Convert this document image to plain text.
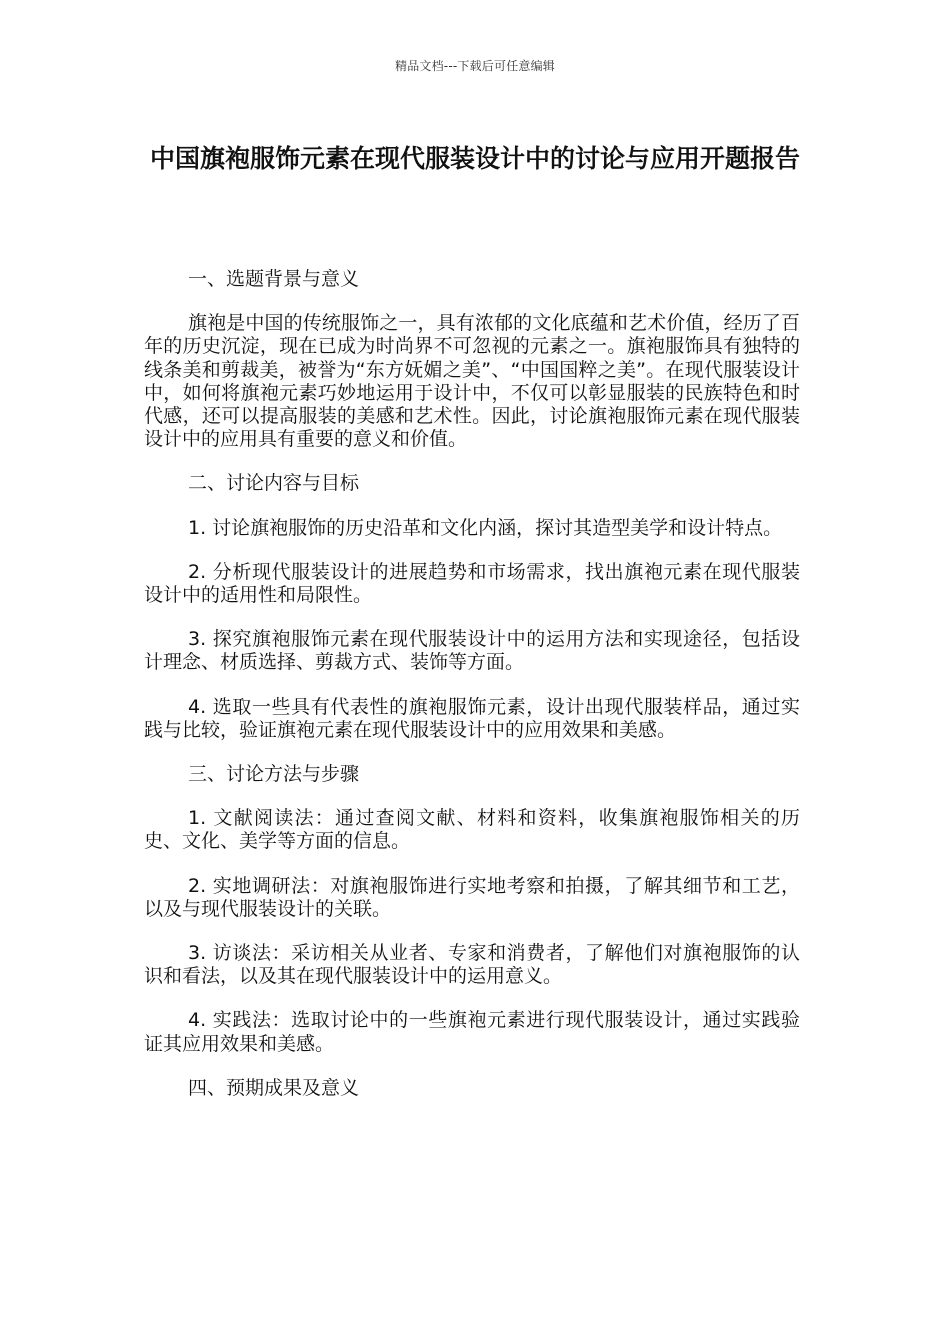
精品文档---下载后可任意编辑
中国旗袍服饰元素在现代服装设计中的讨论与应用开题报告
一、选题背景与意义

旗袍是中国的传统服饰之一，具有浓郁的文化底蕴和艺术价值，经历了百年的历史沉淀，现在已成为时尚界不可忽视的元素之一。旗袍服饰具有独特的线条美和剪裁美，被誉为“东方妩媚之美”、“中国国粹之美”。在现代服装设计中，如何将旗袍元素巧妙地运用于设计中，不仅可以彰显服装的民族特色和时代感，还可以提高服装的美感和艺术性。因此，讨论旗袍服饰元素在现代服装设计中的应用具有重要的意义和价值。

二、讨论内容与目标

1. 讨论旗袍服饰的历史沿革和文化内涵，探讨其造型美学和设计特点。

2. 分析现代服装设计的进展趋势和市场需求，找出旗袍元素在现代服装设计中的适用性和局限性。

3. 探究旗袍服饰元素在现代服装设计中的运用方法和实现途径，包括设计理念、材质选择、剪裁方式、装饰等方面。

4. 选取一些具有代表性的旗袍服饰元素，设计出现代服装样品，通过实践与比较，验证旗袍元素在现代服装设计中的应用效果和美感。

三、讨论方法与步骤

1. 文献阅读法：通过查阅文献、材料和资料，收集旗袍服饰相关的历史、文化、美学等方面的信息。

2. 实地调研法：对旗袍服饰进行实地考察和拍摄，了解其细节和工艺，以及与现代服装设计的关联。

3. 访谈法：采访相关从业者、专家和消费者，了解他们对旗袍服饰的认识和看法，以及其在现代服装设计中的运用意义。

4. 实践法：选取讨论中的一些旗袍元素进行现代服装设计，通过实践验证其应用效果和美感。

四、预期成果及意义
